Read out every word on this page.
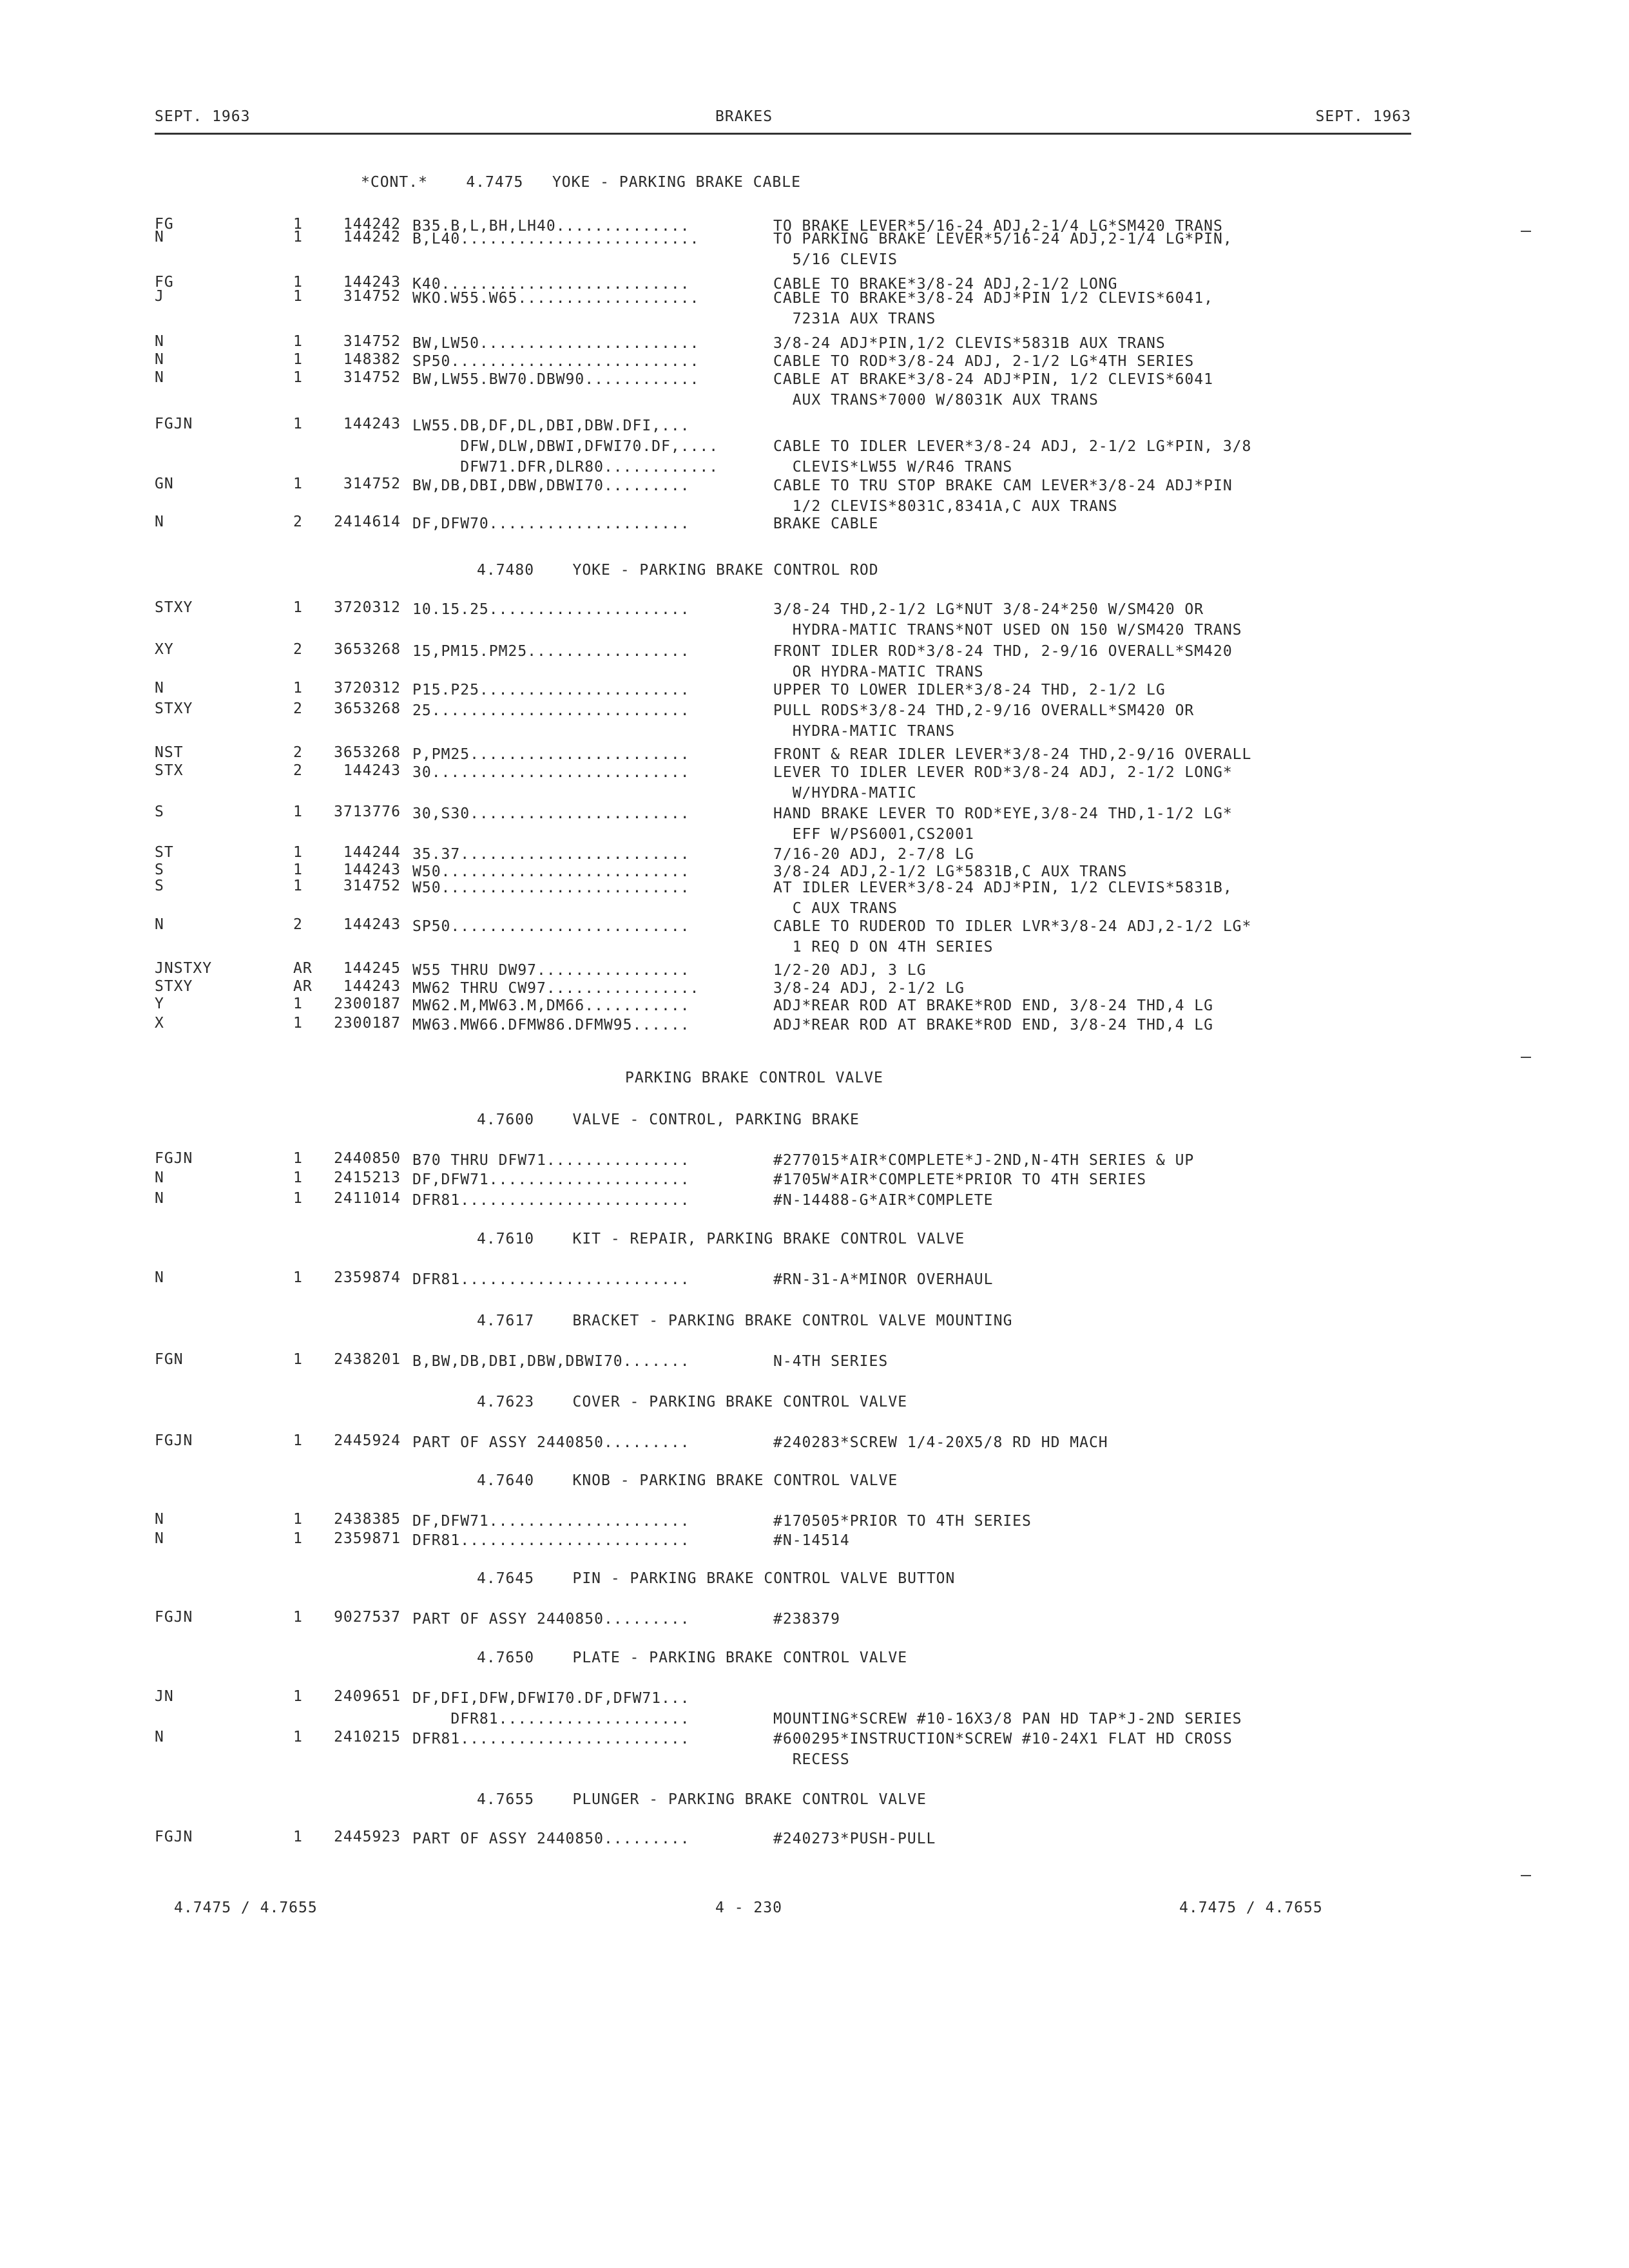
SEPT. 1963	BRAKES	SEPT. 1963
*CONT.*    4.7475   YOKE - PARKING BRAKE CABLE
FG	1	144242 B35.B,L,BH,LH40..............	TO BRAKE LEVER*5/16-24 ADJ,2-1/4 LG*SM420 TRANS
N	1	144242 B,L40.........................	TO PARKING BRAKE LEVER*5/16-24 ADJ,2-1/4 LG*PIN,
5/16 CLEVIS
FG	1	144243 K40..........................	CABLE TO BRAKE*3/8-24 ADJ,2-1/2 LONG
J	1	314752 WKO.W55.W65...................	CABLE TO BRAKE*3/8-24 ADJ*PIN 1/2 CLEVIS*6041,
7231A AUX TRANS
N	1	314752 BW,LW50.......................	3/8-24 ADJ*PIN,1/2 CLEVIS*5831B AUX TRANS
N	1	148382 SP50..........................	CABLE TO ROD*3/8-24 ADJ, 2-1/2 LG*4TH SERIES
N	1	314752 BW,LW55.BW70.DBW90............	CABLE AT BRAKE*3/8-24 ADJ*PIN, 1/2 CLEVIS*6041
AUX TRANS*7000 W/8031K AUX TRANS
FGJN	1	144243 LW55.DB,DF,DL,DBI,DBW.DFI,...
DFW,DLW,DBWI,DFWI70.DF,....
DFW71.DFR,DLR80............
CABLE TO IDLER LEVER*3/8-24 ADJ, 2-1/2 LG*PIN, 3/8
CLEVIS*LW55 W/R46 TRANS
GN	1	314752 BW,DB,DBI,DBW,DBWI70.........	CABLE TO TRU STOP BRAKE CAM LEVER*3/8-24 ADJ*PIN
1/2 CLEVIS*8031C,8341A,C AUX TRANS
N	2	2414614 DF,DFW70.....................	BRAKE CABLE
4.7480    YOKE - PARKING BRAKE CONTROL ROD
STXY	1	3720312 10.15.25.....................	3/8-24 THD,2-1/2 LG*NUT 3/8-24*250 W/SM420 OR
HYDRA-MATIC TRANS*NOT USED ON 150 W/SM420 TRANS
XY	2	3653268 15,PM15.PM25.................	FRONT IDLER ROD*3/8-24 THD, 2-9/16 OVERALL*SM420
OR HYDRA-MATIC TRANS
N	1	3720312 P15.P25......................	UPPER TO LOWER IDLER*3/8-24 THD, 2-1/2 LG
STXY	2	3653268 25...........................	PULL RODS*3/8-24 THD,2-9/16 OVERALL*SM420 OR
HYDRA-MATIC TRANS
NST	2	3653268 P,PM25.......................	FRONT & REAR IDLER LEVER*3/8-24 THD,2-9/16 OVERALL
STX	2	144243 30...........................	LEVER TO IDLER LEVER ROD*3/8-24 ADJ, 2-1/2 LONG*
W/HYDRA-MATIC
S	1	3713776 30,S30.......................	HAND BRAKE LEVER TO ROD*EYE,3/8-24 THD,1-1/2 LG*
EFF W/PS6001,CS2001
ST	1	144244 35.37........................	7/16-20 ADJ, 2-7/8 LG
S	1	144243 W50..........................	3/8-24 ADJ,2-1/2 LG*5831B,C AUX TRANS
S	1	314752 W50..........................	AT IDLER LEVER*3/8-24 ADJ*PIN, 1/2 CLEVIS*5831B,
C AUX TRANS
N	2	144243 SP50.........................	CABLE TO RUDEROD TO IDLER LVR*3/8-24 ADJ,2-1/2 LG*
1 REQ D ON 4TH SERIES
JNSTXY	AR	144245 W55 THRU DW97................	1/2-20 ADJ, 3 LG
STXY	AR	144243 MW62 THRU CW97................	3/8-24 ADJ, 2-1/2 LG
Y	1	2300187 MW62.M,MW63.M,DM66...........	ADJ*REAR ROD AT BRAKE*ROD END, 3/8-24 THD,4 LG
X	1	2300187 MW63.MW66.DFMW86.DFMW95......	ADJ*REAR ROD AT BRAKE*ROD END, 3/8-24 THD,4 LG
PARKING BRAKE CONTROL VALVE
4.7600    VALVE - CONTROL, PARKING BRAKE
FGJN	1	2440850 B70 THRU DFW71...............	#277015*AIR*COMPLETE*J-2ND,N-4TH SERIES & UP
N	1	2415213 DF,DFW71.....................	#1705W*AIR*COMPLETE*PRIOR TO 4TH SERIES
N	1	2411014 DFR81........................	#N-14488-G*AIR*COMPLETE
4.7610    KIT - REPAIR, PARKING BRAKE CONTROL VALVE
N	1	2359874 DFR81........................	#RN-31-A*MINOR OVERHAUL
4.7617    BRACKET - PARKING BRAKE CONTROL VALVE MOUNTING
FGN	1	2438201 B,BW,DB,DBI,DBW,DBWI70.......	N-4TH SERIES
4.7623    COVER - PARKING BRAKE CONTROL VALVE
FGJN	1	2445924 PART OF ASSY 2440850.........	#240283*SCREW 1/4-20X5/8 RD HD MACH
4.7640    KNOB - PARKING BRAKE CONTROL VALVE
N	1	2438385 DF,DFW71.....................	#170505*PRIOR TO 4TH SERIES
N	1	2359871 DFR81........................	#N-14514
4.7645    PIN - PARKING BRAKE CONTROL VALVE BUTTON
FGJN	1	9027537 PART OF ASSY 2440850.........	#238379
4.7650    PLATE - PARKING BRAKE CONTROL VALVE
JN	1	2409651 DF,DFI,DFW,DFWI70.DF,DFW71...
DFR81....................	MOUNTING*SCREW #10-16X3/8 PAN HD TAP*J-2ND SERIES
N	1	2410215 DFR81........................	#600295*INSTRUCTION*SCREW #10-24X1 FLAT HD CROSS
RECESS
4.7655    PLUNGER - PARKING BRAKE CONTROL VALVE
FGJN	1	2445923 PART OF ASSY 2440850.........	#240273*PUSH-PULL
4.7475 / 4.7655	4 - 230	4.7475 / 4.7655
